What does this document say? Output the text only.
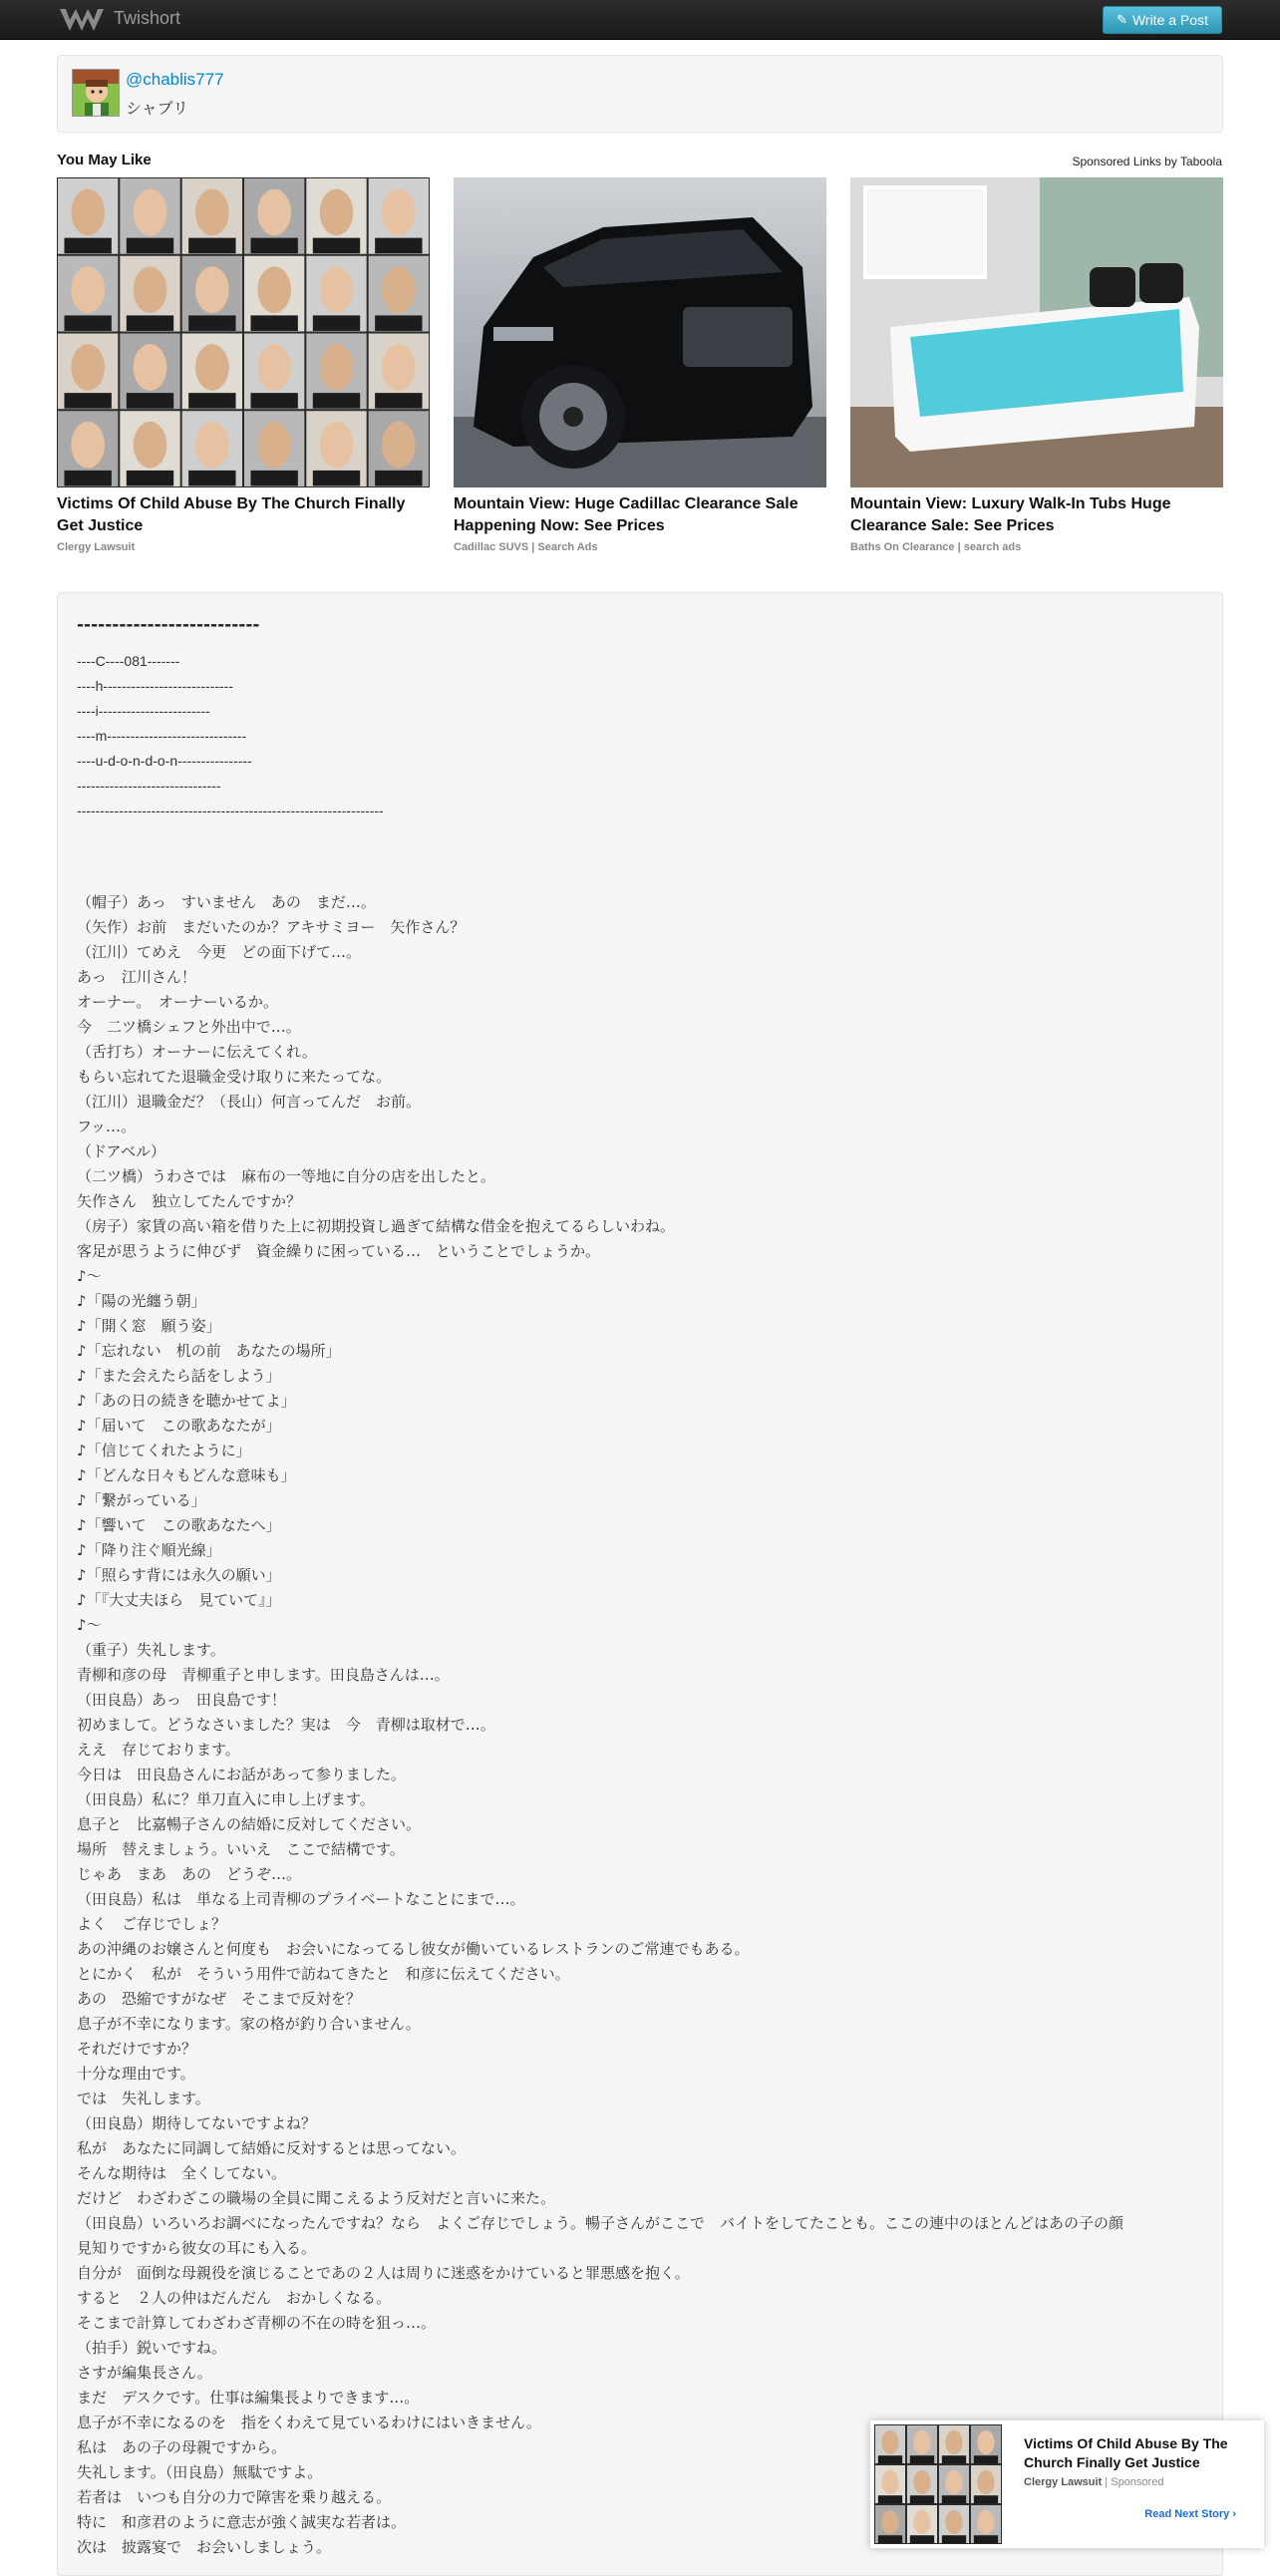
Twishort	✎ Write a Post
@chablis777
シャブリ
You May Like	Sponsored Links by Taboola
Victims Of Child Abuse By The Church Finally Get Justice
Clergy Lawsuit
Mountain View: Huge Cadillac Clearance Sale Happening Now: See Prices
Cadillac SUVS | Search Ads
Mountain View: Luxury Walk-In Tubs Huge Clearance Sale: See Prices
Baths On Clearance | search ads
--------------------------
----C----081-------
----h----------------------------
----i------------------------
----m------------------------------
----u-d-o-n-d-o-n----------------
-------------------------------
------------------------------------------------------------------
（帽子）あっ　すいません　あの　まだ…。
（矢作）お前　まだいたのか？アキサミヨー　矢作さん？
（江川）てめえ　今更　どの面下げて…。
あっ　江川さん！
オーナー。　オーナーいるか。
今　二ツ橋シェフと外出中で…。
（舌打ち）オーナーに伝えてくれ。
もらい忘れてた退職金受け取りに来たってな。
（江川）退職金だ？（長山）何言ってんだ　お前。
フッ…。
（ドアベル）
（二ツ橋）うわさでは　麻布の一等地に自分の店を出したと。
矢作さん　独立してたんですか？
（房子）家賃の高い箱を借りた上に初期投資し過ぎて結構な借金を抱えてるらしいわね。
客足が思うように伸びず　資金繰りに困っている…　ということでしょうか。
♪～
♪「陽の光纏う朝」
♪「開く窓　願う姿」
♪「忘れない　机の前　あなたの場所」
♪「また会えたら話をしよう」
♪「あの日の続きを聴かせてよ」
♪「届いて　この歌あなたが」
♪「信じてくれたように」
♪「どんな日々もどんな意味も」
♪「繋がっている」
♪「響いて　この歌あなたへ」
♪「降り注ぐ順光線」
♪「照らす背には永久の願い」
♪「『大丈夫ほら　見ていて』」
♪～
（重子）失礼します。
青柳和彦の母　青柳重子と申します。田良島さんは…。
（田良島）あっ　田良島です！
初めまして。どうなさいました？実は　今　青柳は取材で…。
ええ　存じております。
今日は　田良島さんにお話があって参りました。
（田良島）私に？単刀直入に申し上げます。
息子と　比嘉暢子さんの結婚に反対してください。
場所　替えましょう。いいえ　ここで結構です。
じゃあ　まあ　あの　どうぞ…。
（田良島）私は　単なる上司青柳のプライベートなことにまで…。
よく　ご存じでしょ？
あの沖縄のお嬢さんと何度も　お会いになってるし彼女が働いているレストランのご常連でもある。
とにかく　私が　そういう用件で訪ねてきたと　和彦に伝えてください。
あの　恐縮ですがなぜ　そこまで反対を？
息子が不幸になります。家の格が釣り合いません。
それだけですか？
十分な理由です。
では　失礼します。
（田良島）期待してないですよね？
私が　あなたに同調して結婚に反対するとは思ってない。
そんな期待は　全くしてない。
だけど　わざわざこの職場の全員に聞こえるよう反対だと言いに来た。
（田良島）いろいろお調べになったんですね？なら　よくご存じでしょう。暢子さんがここで　バイトをしてたことも。ここの連中のほとんどはあの子の顔
見知りですから彼女の耳にも入る。
自分が　面倒な母親役を演じることであの２人は周りに迷惑をかけていると罪悪感を抱く。
すると　２人の仲はだんだん　おかしくなる。
そこまで計算してわざわざ青柳の不在の時を狙っ…。
（拍手）鋭いですね。
さすが編集長さん。
まだ　デスクです。仕事は編集長よりできます…。
息子が不幸になるのを　指をくわえて見ているわけにはいきません。
私は　あの子の母親ですから。
失礼します。（田良島）無駄ですよ。
若者は　いつも自分の力で障害を乗り越える。
特に　和彦君のように意志が強く誠実な若者は。
次は　披露宴で　お会いしましょう。
Victims Of Child Abuse By The Church Finally Get Justice
Clergy Lawsuit | Sponsored
Read Next Story ›
